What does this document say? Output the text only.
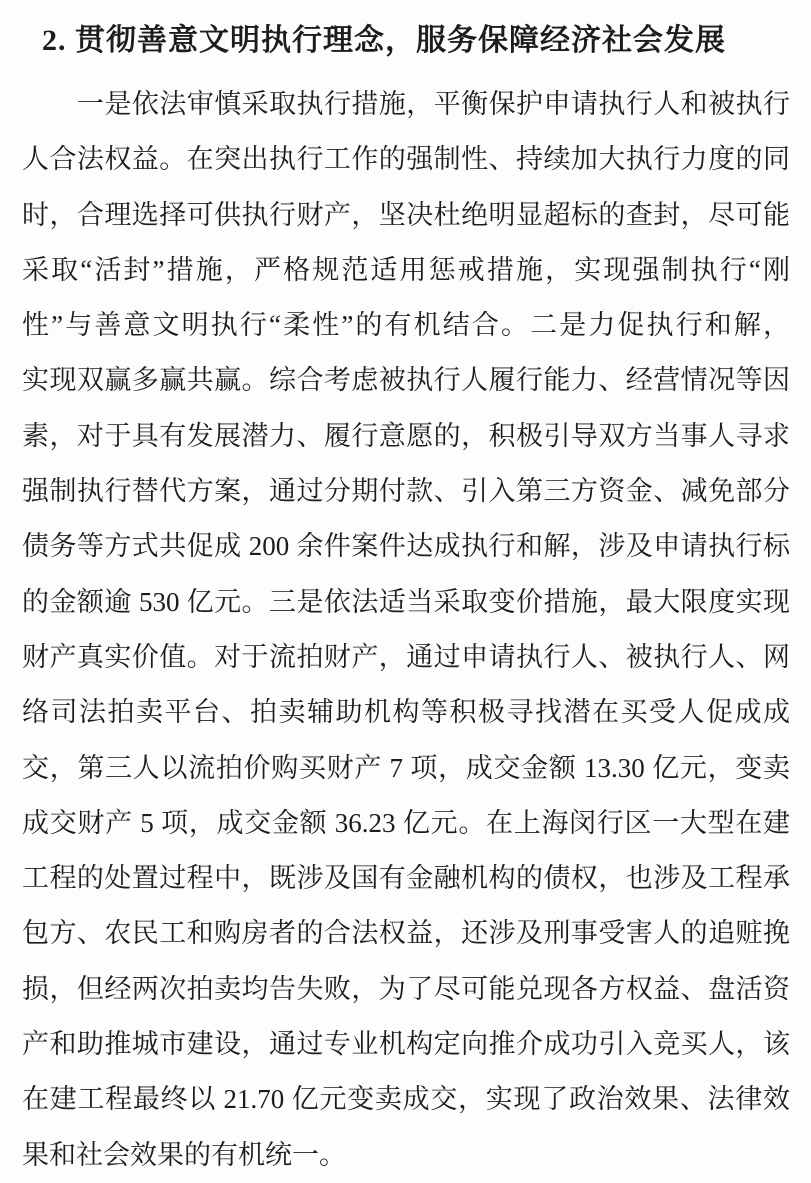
2. 贯彻善意文明执行理念，服务保障经济社会发展
一是依法审慎采取执行措施，平衡保护申请执行人和被执行
人合法权益。在突出执行工作的强制性、持续加大执行力度的同
时，合理选择可供执行财产，坚决杜绝明显超标的查封，尽可能
采取“活封”措施，严格规范适用惩戒措施，实现强制执行“刚
性”与善意文明执行“柔性”的有机结合。二是力促执行和解，
实现双赢多赢共赢。综合考虑被执行人履行能力、经营情况等因
素，对于具有发展潜力、履行意愿的，积极引导双方当事人寻求
强制执行替代方案，通过分期付款、引入第三方资金、减免部分
债务等方式共促成 200 余件案件达成执行和解，涉及申请执行标
的金额逾 530 亿元。三是依法适当采取变价措施，最大限度实现
财产真实价值。对于流拍财产，通过申请执行人、被执行人、网
络司法拍卖平台、拍卖辅助机构等积极寻找潜在买受人促成成
交，第三人以流拍价购买财产 7 项，成交金额 13.30 亿元，变卖
成交财产 5 项，成交金额 36.23 亿元。在上海闵行区一大型在建
工程的处置过程中，既涉及国有金融机构的债权，也涉及工程承
包方、农民工和购房者的合法权益，还涉及刑事受害人的追赃挽
损，但经两次拍卖均告失败，为了尽可能兑现各方权益、盘活资
产和助推城市建设，通过专业机构定向推介成功引入竞买人，该
在建工程最终以 21.70 亿元变卖成交，实现了政治效果、法律效
果和社会效果的有机统一。
